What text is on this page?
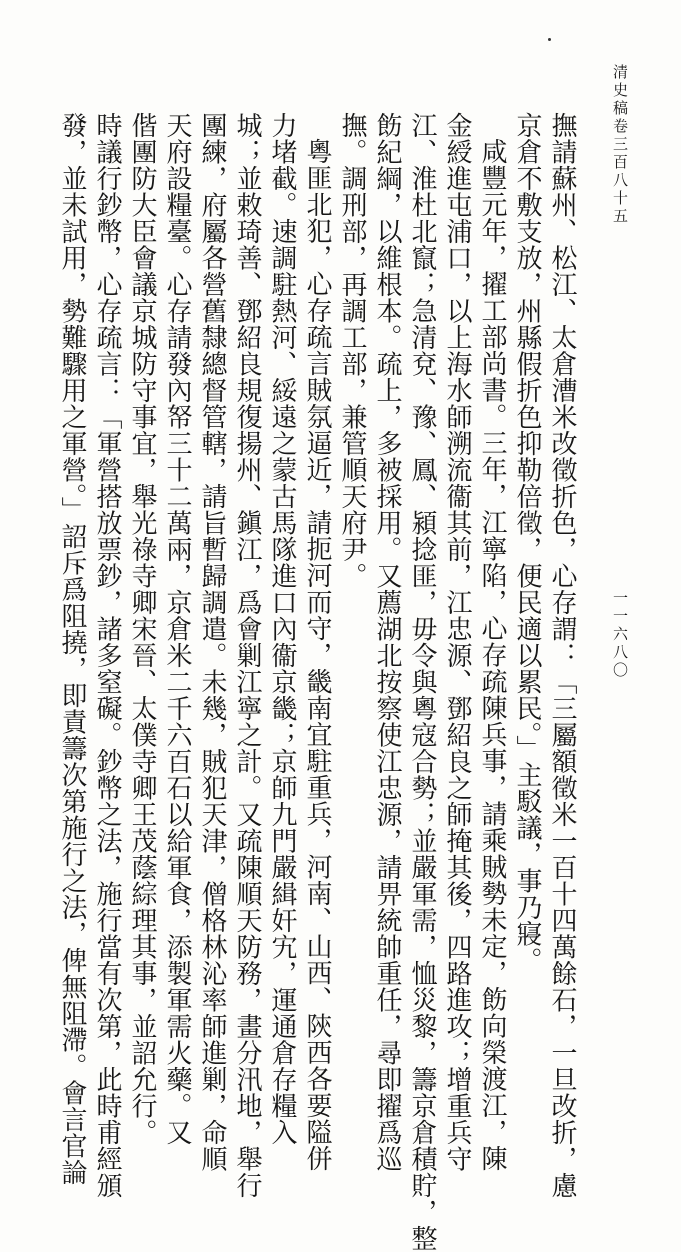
清史稿卷三百八十五
一一六八〇
撫請蘇州、松江、太倉漕米改徵折色，心存謂：「三屬額徵米一百十四萬餘石，一旦改折，慮
京倉不敷支放，州縣假折色抑勒倍徵，便民適以累民。」主駁議，事乃寢。
咸豐元年，擢工部尚書。三年，江寧陷，心存疏陳兵事，請乘賊勢未定，飭向榮渡江，陳
金綬進屯浦口，以上海水師溯流衞其前，江忠源、鄧紹良之師掩其後，四路進攻；增重兵守
江、淮杜北竄；急清兗、豫、鳳、潁捻匪，毋令與粵寇合勢；並嚴軍需，恤災黎，籌京倉積貯，整
飭紀綱，以維根本。疏上，多被採用。又薦湖北按察使江忠源，請畀統帥重任，尋即擢爲巡
撫。調刑部，再調工部，兼管順天府尹。
粵匪北犯，心存疏言賊氛逼近，請扼河而守，畿南宜駐重兵，河南、山西、陝西各要隘併
力堵截。速調駐熱河、綏遠之蒙古馬隊進口內衞京畿；京師九門嚴緝奸宄，運通倉存糧入
城；並敕琦善、鄧紹良規復揚州、鎭江，爲會剿江寧之計。又疏陳順天防務，畫分汛地，舉行
團練，府屬各營舊隸總督管轄，請旨暫歸調遣。未幾，賊犯天津，僧格林沁率師進剿，命順
天府設糧臺。心存請發內帑三十二萬兩，京倉米二千六百石以給軍食，添製軍需火藥。又
偕團防大臣會議京城防守事宜，舉光祿寺卿宋晉、太僕寺卿王茂蔭綜理其事，並詔允行。
時議行鈔幣，心存疏言：「軍營搭放票鈔，諸多窒礙。鈔幣之法，施行當有次第，此時甫經頒
發，並未試用，勢難驟用之軍營。」詔斥爲阻撓，即責籌次第施行之法，俾無阻滯。會言官論
